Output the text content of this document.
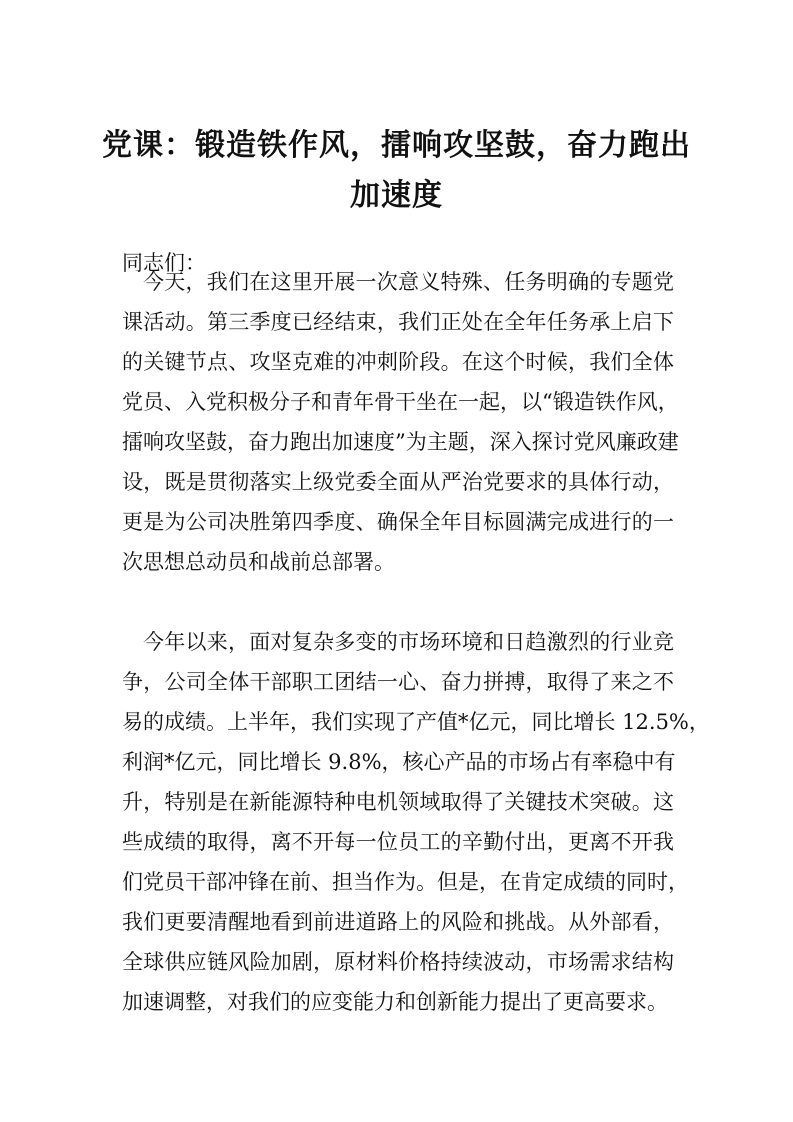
党课：锻造铁作风，擂响攻坚鼓，奋力跑出
加速度

同志们：

今天，我们在这里开展一次意义特殊、任务明确的专题党
课活动。第三季度已经结束，我们正处在全年任务承上启下
的关键节点、攻坚克难的冲刺阶段。在这个时候，我们全体
党员、入党积极分子和青年骨干坐在一起，以“锻造铁作风，
擂响攻坚鼓，奋力跑出加速度”为主题，深入探讨党风廉政建
设，既是贯彻落实上级党委全面从严治党要求的具体行动，
更是为公司决胜第四季度、确保全年目标圆满完成进行的一
次思想总动员和战前总部署。

今年以来，面对复杂多变的市场环境和日趋激烈的行业竞
争，公司全体干部职工团结一心、奋力拼搏，取得了来之不
易的成绩。上半年，我们实现了产值*亿元，同比增长 12.5%，
利润*亿元，同比增长 9.8%，核心产品的市场占有率稳中有
升，特别是在新能源特种电机领域取得了关键技术突破。这
些成绩的取得，离不开每一位员工的辛勤付出，更离不开我
们党员干部冲锋在前、担当作为。但是，在肯定成绩的同时，
我们更要清醒地看到前进道路上的风险和挑战。从外部看，
全球供应链风险加剧，原材料价格持续波动，市场需求结构
加速调整，对我们的应变能力和创新能力提出了更高要求。
